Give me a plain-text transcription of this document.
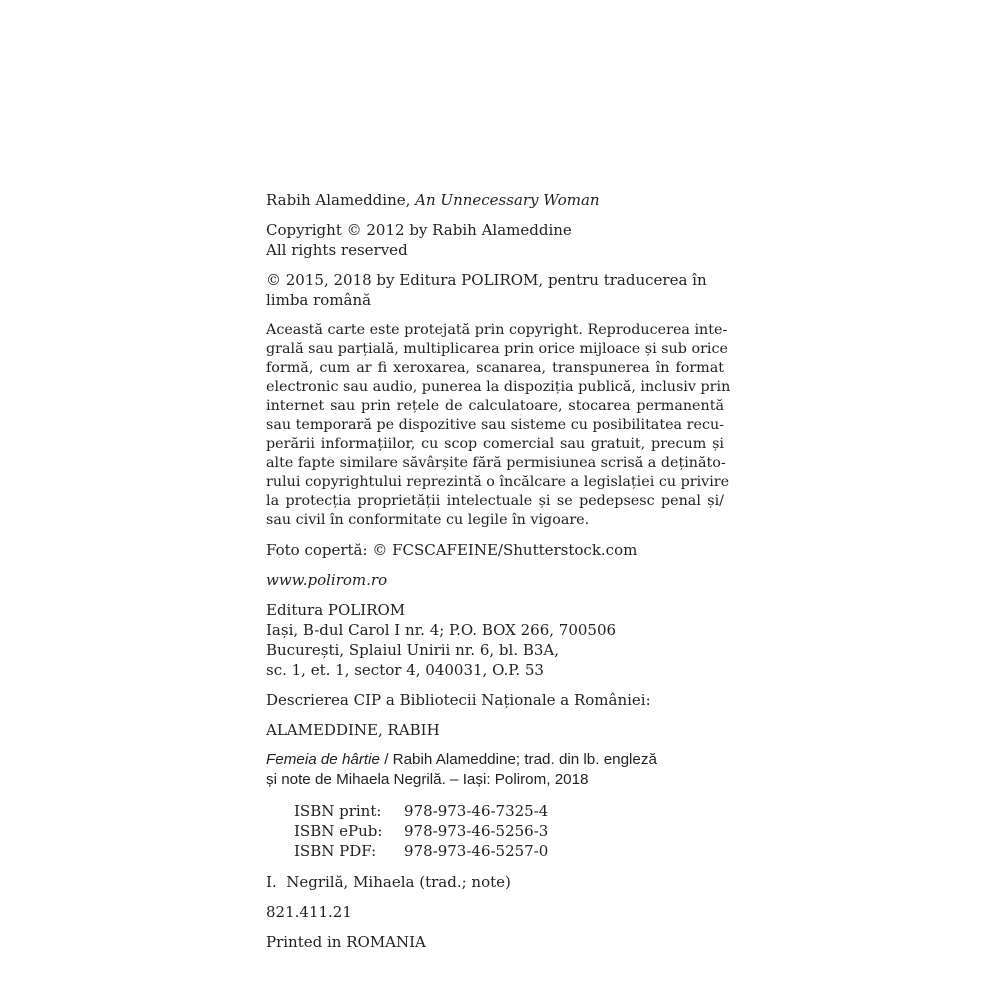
Rabih Alameddine, An Unnecessary Woman

Copyright © 2012 by Rabih Alameddine
All rights reserved

© 2015, 2018 by Editura POLIROM, pentru traducerea în
limba română

Această carte este protejată prin copyright. Reproducerea inte-
grală sau parțială, multiplicarea prin orice mijloace și sub orice
formă, cum ar fi xeroxarea, scanarea, transpunerea în format
electronic sau audio, punerea la dispoziția publică, inclusiv prin
internet sau prin rețele de calculatoare, stocarea permanentă
sau temporară pe dispozitive sau sisteme cu posibilitatea recu-
perării informațiilor, cu scop comercial sau gratuit, precum și
alte fapte similare săvârșite fără permisiunea scrisă a deținăto-
rului copyrightului reprezintă o încălcare a legislației cu privire
la protecția proprietății intelectuale și se pedepsesc penal și/
sau civil în conformitate cu legile în vigoare.

Foto copertă: © FCSCAFEINE/Shutterstock.com

www.polirom.ro

Editura POLIROM
Iași, B-dul Carol I nr. 4; P.O. BOX 266, 700506
București, Splaiul Unirii nr. 6, bl. B3A,
sc. 1, et. 1, sector 4, 040031, O.P. 53

Descrierea CIP a Bibliotecii Naționale a României:

ALAMEDDINE, RABIH

Femeia de hârtie / Rabih Alameddine; trad. din lb. engleză
și note de Mihaela Negrilă. – Iași: Polirom, 2018

ISBN print: 978-973-46-7325-4
ISBN ePub: 978-973-46-5256-3
ISBN PDF: 978-973-46-5257-0

I.  Negrilă, Mihaela (trad.; note)

821.411.21

Printed in ROMANIA
